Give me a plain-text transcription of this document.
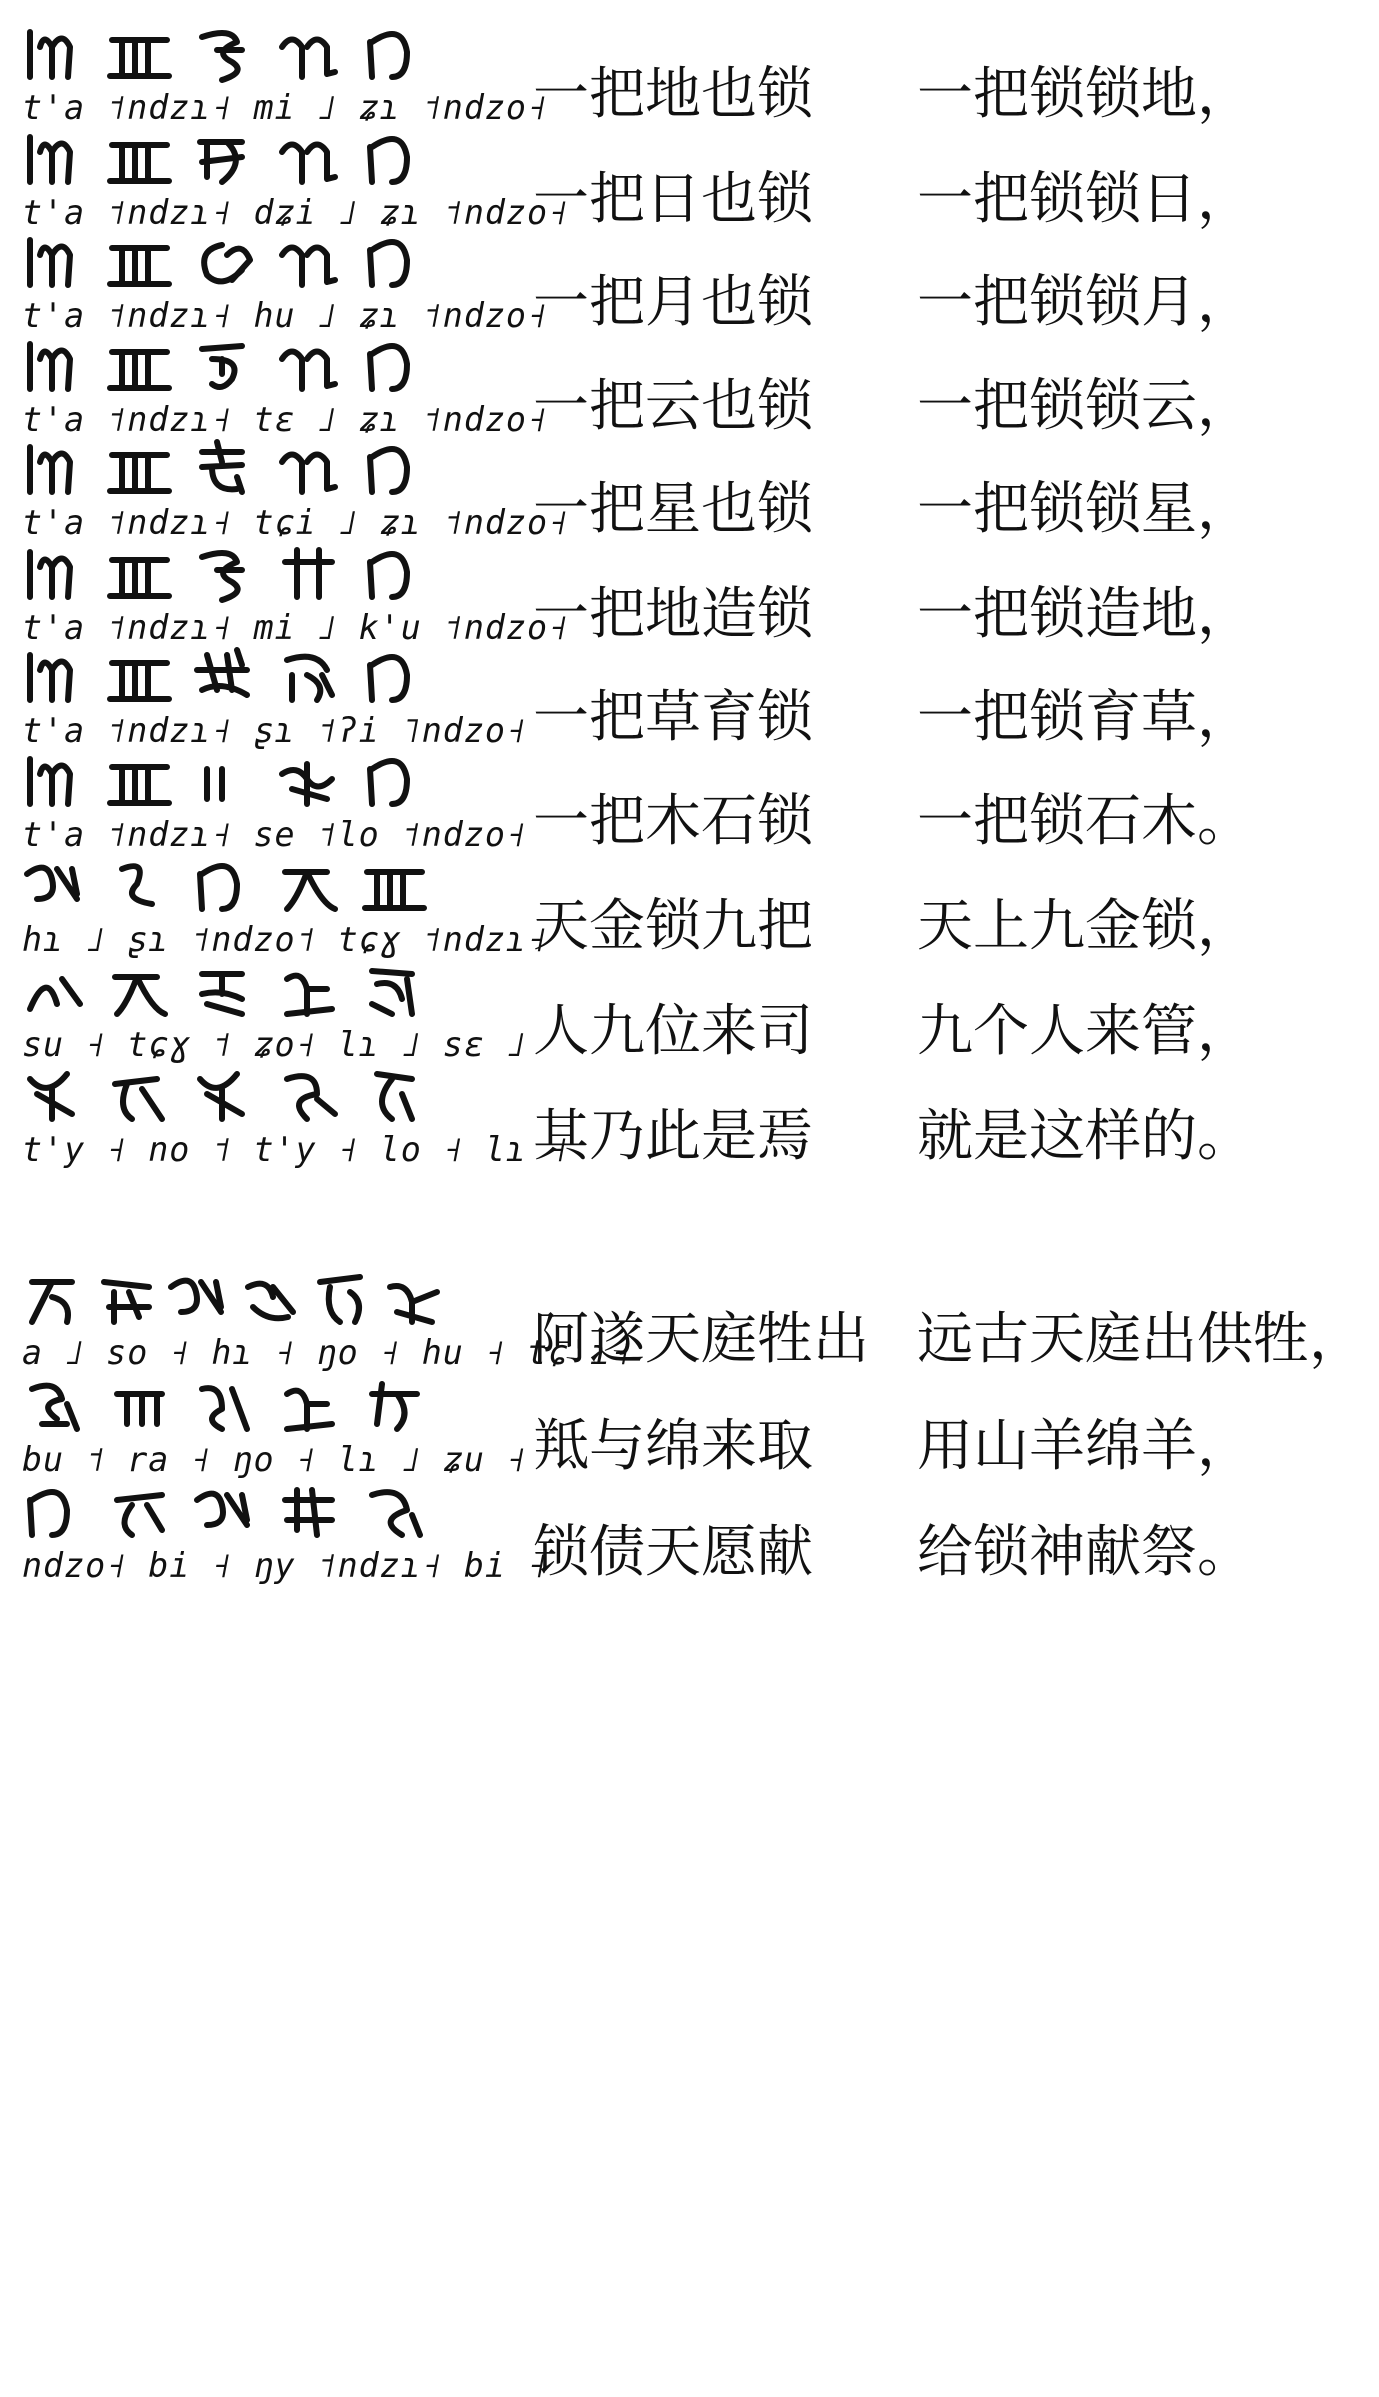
t'a ˦ndzɿ˧ mi ˩ ʑɿ ˦ndzo˧
一把地也锁 一把锁锁地，
t'a ˦ndzɿ˧ dʑi ˩ ʑɿ ˦ndzo˧
一把日也锁 一把锁锁日，
t'a ˦ndzɿ˧ hu ˩ ʑɿ ˦ndzo˧
一把月也锁 一把锁锁月，
t'a ˦ndzɿ˧ tɛ ˩ ʑɿ ˦ndzo˧
一把云也锁 一把锁锁云，
t'a ˦ndzɿ˧ tɕi ˩ ʑɿ ˦ndzo˧
一把星也锁 一把锁锁星，
t'a ˦ndzɿ˧ mi ˩ k'u ˦ndzo˧
一把地造锁 一把锁造地，
t'a ˦ndzɿ˧ ʂɿ ˦ʔi ˥ndzo˧ 一把草育锁 一把锁育草，
t'a ˦ndzɿ˧ se ˦lo ˦ndzo˧ 一把木石锁 一把锁石木。
hɿ ˩ ʂɿ ˦ndzo˦ tɕɣ ˦ndzɿ˧
天金锁九把 天上九金锁，
su ˧ tɕɣ ˦ ʑo˧ lɿ ˩ sɛ ˩ 人九位来司 九个人来管，
t'y ˧ no ˦ t'y ˧ lo ˧ lɿ ˧
其乃此是焉 就是这样的。
a ˩ so ˧ hɿ ˧ ŋo ˧ hu ˧ tɕ'ɿ˧
阿遂天庭牲出 远古天庭出供牲，
bu ˦ ra ˧ ŋo ˧ lɿ ˩ ʑu ˧ 羝与绵来取 用山羊绵羊，
ndzo˧ bi ˧ ŋy ˦ndzɿ˧ bi ˧
锁债天愿献 给锁神献祭。
